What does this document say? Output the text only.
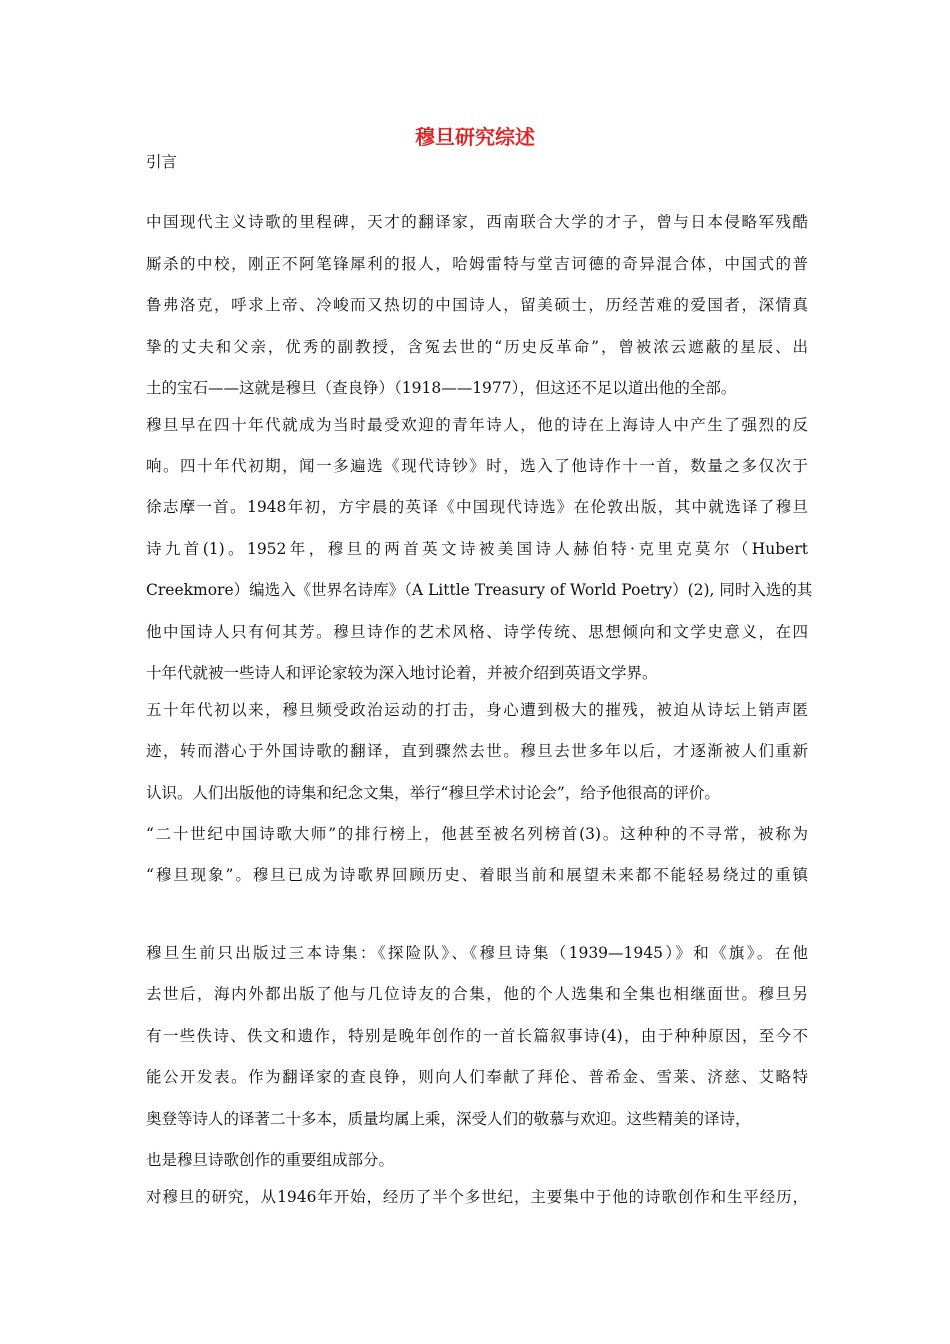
穆旦研究综述

引言

中国现代主义诗歌的里程碑，天才的翻译家，西南联合大学的才子，曾与日本侵略军残酷

厮杀的中校，刚正不阿笔锋犀利的报人，哈姆雷特与堂吉诃德的奇异混合体，中国式的普

鲁弗洛克，呼求上帝、冷峻而又热切的中国诗人，留美硕士，历经苦难的爱国者，深情真

挚的丈夫和父亲，优秀的副教授，含冤去世的“历史反革命”，曾被浓云遮蔽的星辰、出

土的宝石——这就是穆旦（查良铮）（1918——1977），但这还不足以道出他的全部。

穆旦早在四十年代就成为当时最受欢迎的青年诗人，他的诗在上海诗人中产生了强烈的反

响。四十年代初期，闻一多遍选《现代诗钞》时，选入了他诗作十一首，数量之多仅次于

徐志摩一首。1948年初，方宇晨的英译《中国现代诗选》在伦敦出版，其中就选译了穆旦

诗九首(1)。1952年，穆旦的两首英文诗被美国诗人赫伯特·克里克莫尔（Hubert

Creekmore）编选入《世界名诗库》（A Little Treasury of World Poetry）(2), 同时入选的其

他中国诗人只有何其芳。穆旦诗作的艺术风格、诗学传统、思想倾向和文学史意义，在四

十年代就被一些诗人和评论家较为深入地讨论着，并被介绍到英语文学界。

五十年代初以来，穆旦频受政治运动的打击，身心遭到极大的摧残，被迫从诗坛上销声匿

迹，转而潜心于外国诗歌的翻译，直到骤然去世。穆旦去世多年以后，才逐渐被人们重新

认识。人们出版他的诗集和纪念文集，举行“穆旦学术讨论会”，给予他很高的评价。

“二十世纪中国诗歌大师”的排行榜上，他甚至被名列榜首(3)。这种种的不寻常，被称为

“穆旦现象”。穆旦已成为诗歌界回顾历史、着眼当前和展望未来都不能轻易绕过的重镇

穆旦生前只出版过三本诗集：《探险队》、《穆旦诗集（1939—1945）》和《旗》。在他

去世后，海内外都出版了他与几位诗友的合集，他的个人选集和全集也相继面世。穆旦另

有一些佚诗、佚文和遗作，特别是晚年创作的一首长篇叙事诗(4)，由于种种原因，至今不

能公开发表。作为翻译家的查良铮，则向人们奉献了拜伦、普希金、雪莱、济慈、艾略特

奥登等诗人的译著二十多本，质量均属上乘，深受人们的敬慕与欢迎。这些精美的译诗，

也是穆旦诗歌创作的重要组成部分。

对穆旦的研究，从1946年开始，经历了半个多世纪，主要集中于他的诗歌创作和生平经历，
